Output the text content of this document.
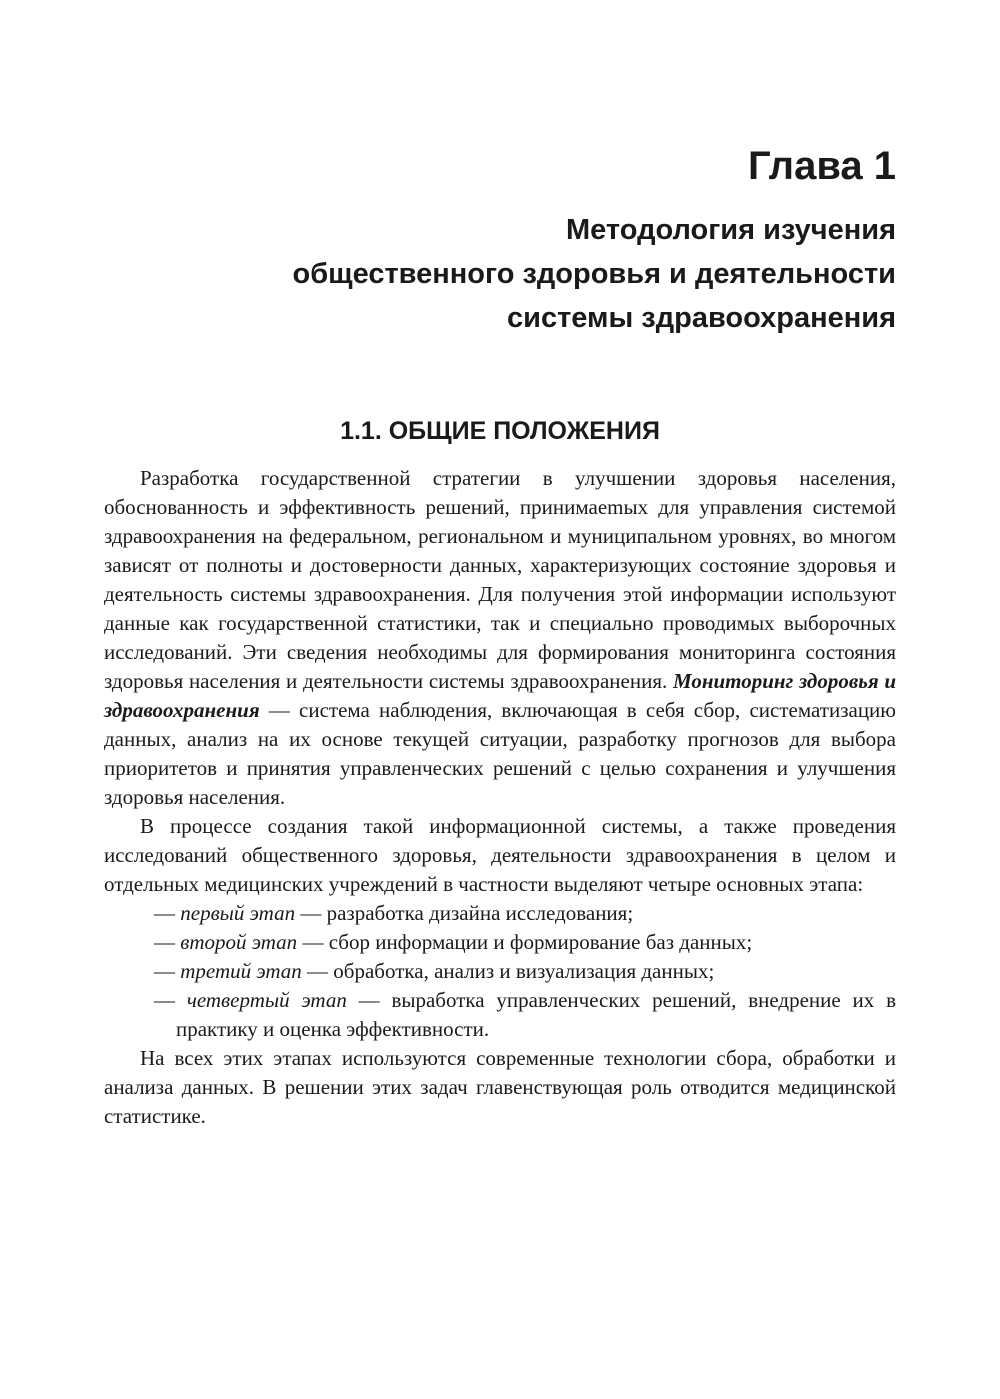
Глава 1
Методология изучения
общественного здоровья и деятельности
системы здравоохранения
1.1. ОБЩИЕ ПОЛОЖЕНИЯ

Разработка государственной стратегии в улучшении здоровья населения, обоснованность и эффективность решений, принимаemых для управления системой здравоохранения на федеральном, региональном и муниципальном уровнях, во многом зависят от полноты и достоверности данных, характеризующих состояние здоровья и деятельность системы здравоохранения. Для получения этой информации используют данные как государственной статистики, так и специально проводимых выборочных исследований. Эти сведения необходимы для формирования мониторинга состояния здоровья населения и деятельности системы здравоохранения. Мониторинг здоровья и здравоохранения — система наблюдения, включающая в себя сбор, систематизацию данных, анализ на их основе текущей ситуации, разработку прогнозов для выбора приоритетов и принятия управленческих решений с целью сохранения и улучшения здоровья населения.

В процессе создания такой информационной системы, а также проведения исследований общественного здоровья, деятельности здравоохранения в целом и отдельных медицинских учреждений в частности выделяют четыре основных этапа:

— первый этап — разработка дизайна исследования;
— второй этап — сбор информации и формирование баз данных;
— третий этап — обработка, анализ и визуализация данных;
— четвертый этап — выработка управленческих решений, внедрение их в практику и оценка эффективности.

На всех этих этапах используются современные технологии сбора, обработки и анализа данных. В решении этих задач главенствующая роль отводится медицинской статистике.
